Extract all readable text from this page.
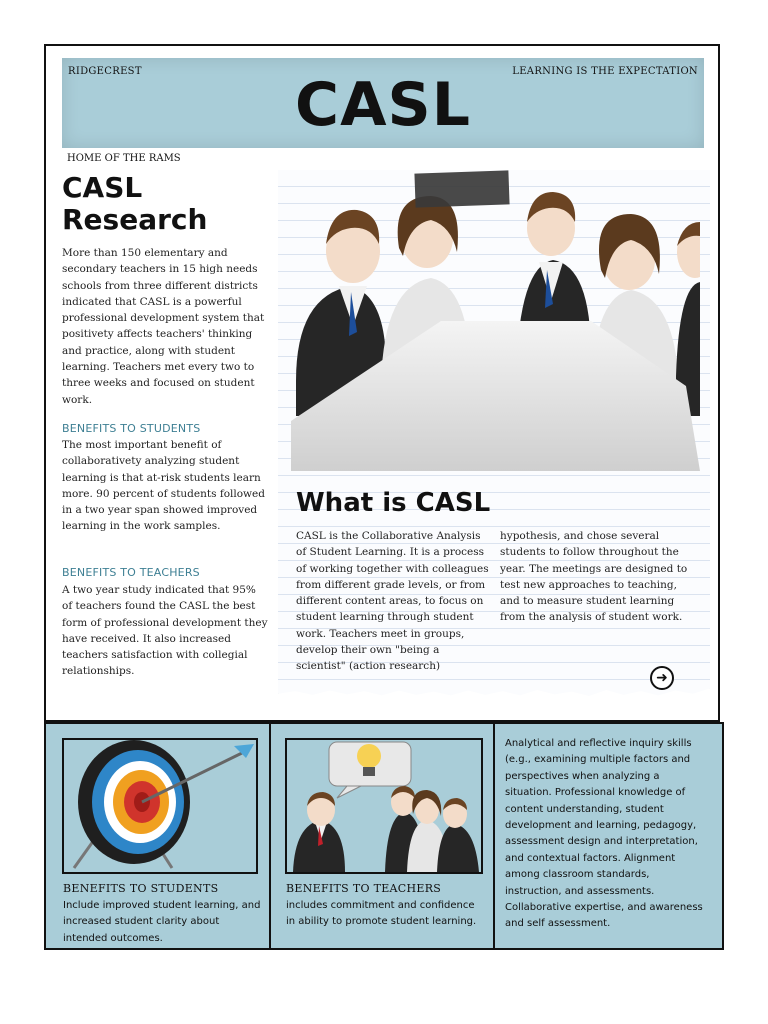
RIDGECREST	LEARNING IS THE EXPECTATION
CASL
HOME OF THE RAMS
CASL
Research
More than 150 elementary and secondary teachers in 15 high needs schools from three different districts indicated that CASL is a powerful professional development system that positivety affects teachers' thinking and practice, along with student learning. Teachers met every two to three weeks and focused on student work.
BENEFITS TO STUDENTS
The most important benefit of collaborativety analyzing student learning is that at-risk students learn more. 90 percent of students followed in a two year span showed improved learning in the work samples.
BENEFITS TO TEACHERS
A two year study indicated that 95% of teachers found the CASL the best form of professional development they have received. It also increased teachers satisfaction with collegial relationships.
What is CASL
CASL is the Collaborative Analysis of Student Learning. It is a process of working together with colleagues from different grade levels, or from different content areas, to focus on student learning through student work. Teachers meet in groups, develop their own "being a scientist" (action research)
hypothesis, and chose several students to follow throughout the year. The meetings are designed to test new approaches to teaching, and to measure student learning from the analysis of student work.
➜
BENEFITS TO STUDENTS
Include improved student learning, and increased student clarity about intended outcomes.
BENEFITS TO TEACHERS
includes commitment and confidence in ability to promote student learning.
Analytical and reflective inquiry skills (e.g., examining multiple factors and perspectives when analyzing a situation. Professional knowledge of content understanding, student development and learning, pedagogy, assessment design and interpretation, and contextual factors. Alignment among classroom standards, instruction, and assessments. Collaborative expertise, and awareness and self assessment.
